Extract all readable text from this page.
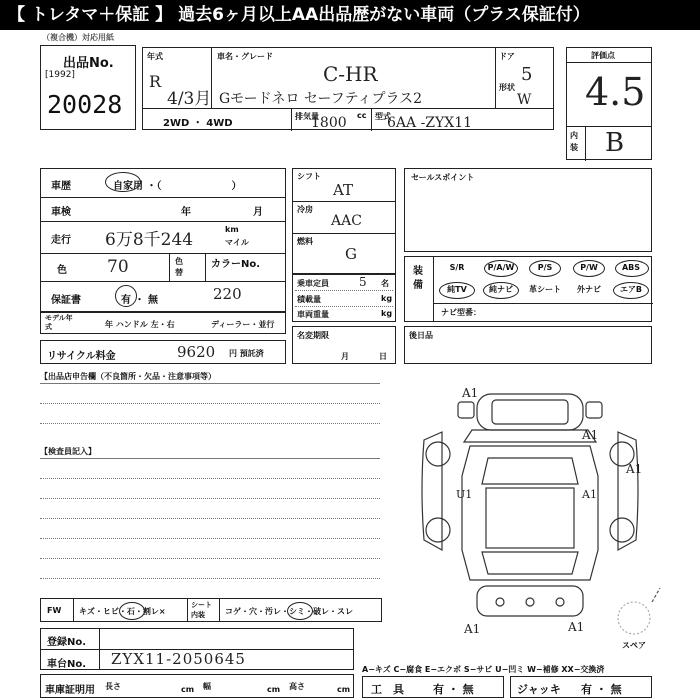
【 トレタマ＋保証 】 過去6ヶ月以上AA出品歴がない車両（プラス保証付）
（複合機）対応用紙
出品No.
[1992]
20028
年式
R
4/3月
車名・グレード
C-HR
Gモードネロ セーフティプラス2
ドア
5
形状
W
2WD ・ 4WD
排気量
1800 cc 型式
6AA -ZYX11
評価点
4.5
内装 B
車歴	自家用 ・（　　　　　　　）
車検	年	月
走行 6万8千244
km
マイル
色 70	色替
カラーNo.
保証書	有 ・ 無	220
モデル年式	年 ハンドル 左・右	ディーラー・並行
リサイクル料金	9620 円 預託済
シフト
AT
冷房
AAC
燃料
G
乗車定員	5 名
積載量	kg
車両重量	kg
名変期限
月	日
セールスポイント
装備
S/R	P/A/W	P/S	P/W	ABS
純TV	純ナビ	革シート	外ナビ	エアB
ナビ型番：
後日品
【出品店申告欄（不良箇所・欠品・注意事項等）
【検査員記入】
A1
A1
A1
U1	A1
A1	A1
スペア
FW キズ・ヒビ・石・割レ×
シート内装	コゲ・穴・汚レ・シミ・破レ・スレ
登録No.
車台No. ZYX11-2050645
車庫証明用 長さ	cm 幅	cm 高さ	cm
A−キズ C−腐食 E−エクボ S−サビ U−凹ミ W−補修 XX−交換済
工　具	有 ・ 無	ジャッキ 有 ・ 無
